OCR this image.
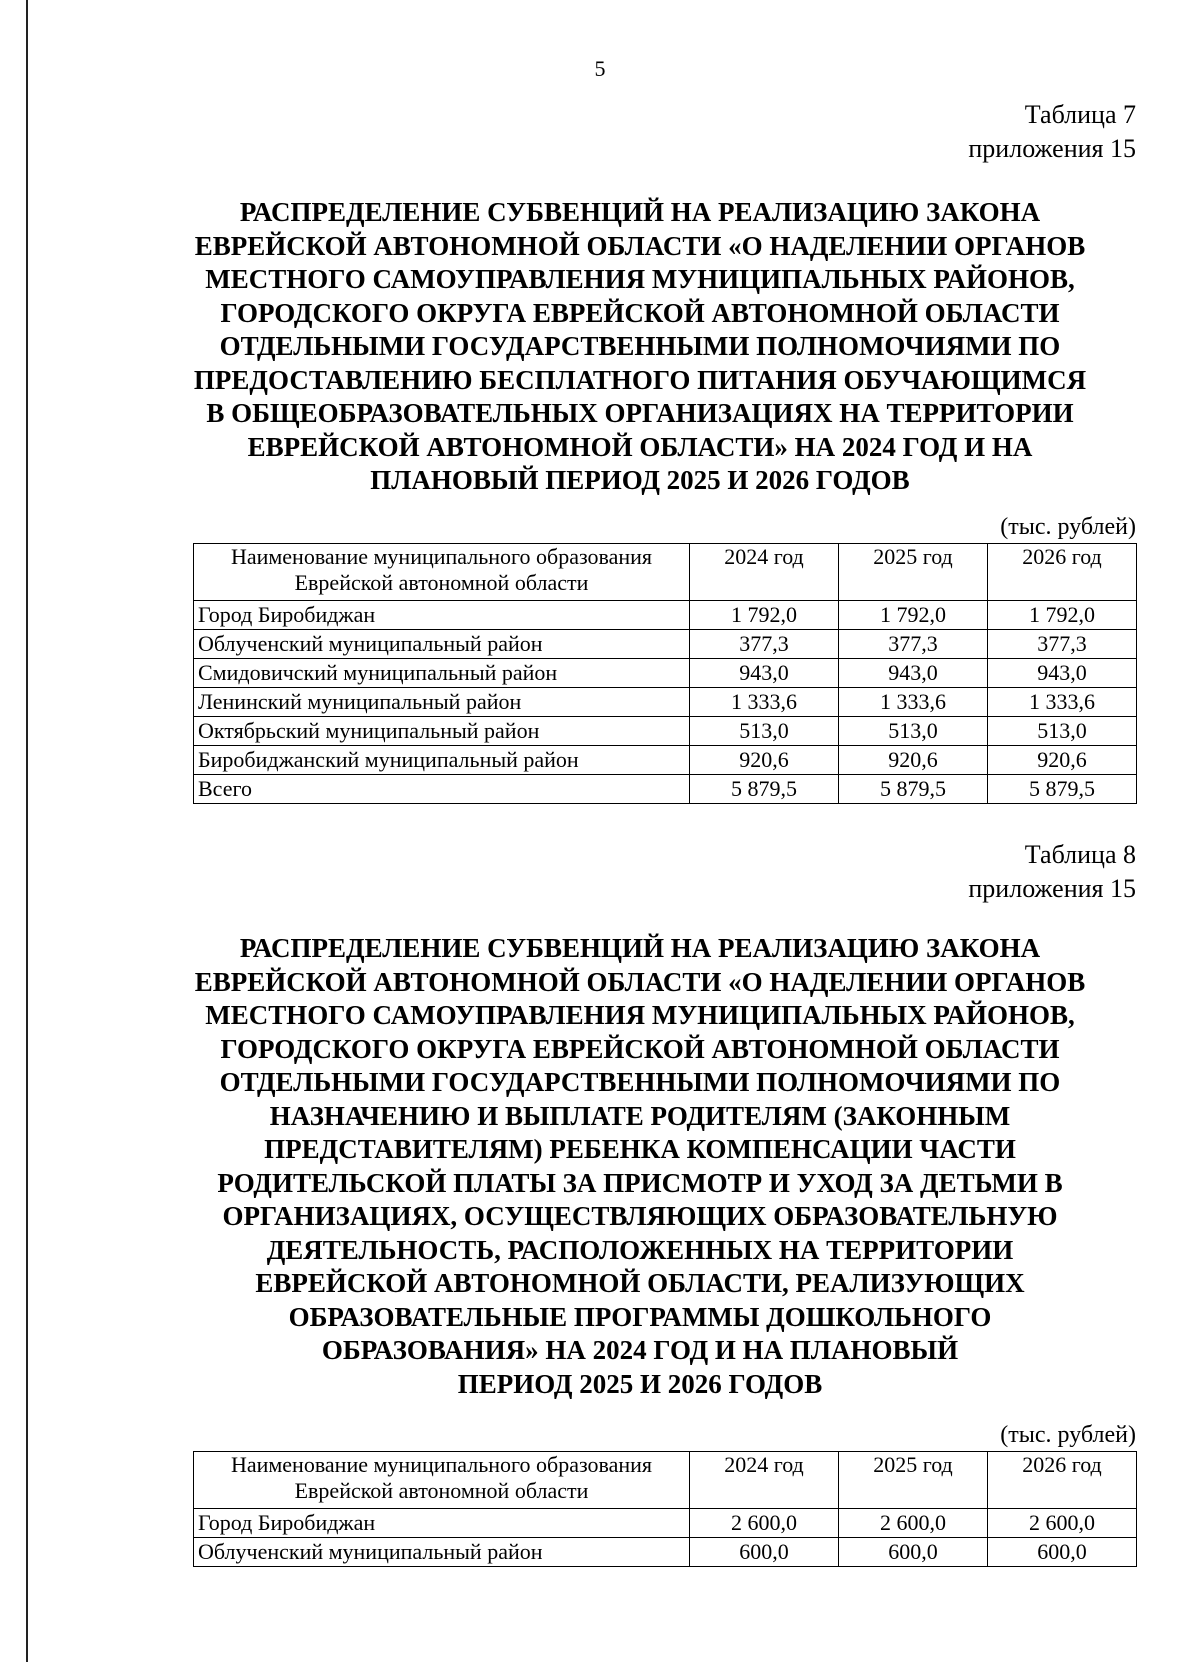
5
Таблица 7
приложения 15
РАСПРЕДЕЛЕНИЕ СУБВЕНЦИЙ НА РЕАЛИЗАЦИЮ ЗАКОНА
ЕВРЕЙСКОЙ АВТОНОМНОЙ ОБЛАСТИ «О НАДЕЛЕНИИ ОРГАНОВ
МЕСТНОГО САМОУПРАВЛЕНИЯ МУНИЦИПАЛЬНЫХ РАЙОНОВ,
ГОРОДСКОГО ОКРУГА ЕВРЕЙСКОЙ АВТОНОМНОЙ ОБЛАСТИ
ОТДЕЛЬНЫМИ ГОСУДАРСТВЕННЫМИ ПОЛНОМОЧИЯМИ ПО
ПРЕДОСТАВЛЕНИЮ БЕСПЛАТНОГО ПИТАНИЯ ОБУЧАЮЩИМСЯ
В ОБЩЕОБРАЗОВАТЕЛЬНЫХ ОРГАНИЗАЦИЯХ НА ТЕРРИТОРИИ
ЕВРЕЙСКОЙ АВТОНОМНОЙ ОБЛАСТИ» НА 2024 ГОД И НА
ПЛАНОВЫЙ ПЕРИОД 2025 И 2026 ГОДОВ
(тыс. рублей)
Наименование муниципального образования Еврейской автономной области	2024 год	2025 год	2026 год
Город Биробиджан	1 792,0	1 792,0	1 792,0
Облученский муниципальный район	377,3	377,3	377,3
Смидовичский муниципальный район	943,0	943,0	943,0
Ленинский муниципальный район	1 333,6	1 333,6	1 333,6
Октябрьский муниципальный район	513,0	513,0	513,0
Биробиджанский муниципальный район	920,6	920,6	920,6
Всего	5 879,5	5 879,5	5 879,5
Таблица 8
приложения 15
РАСПРЕДЕЛЕНИЕ СУБВЕНЦИЙ НА РЕАЛИЗАЦИЮ ЗАКОНА
ЕВРЕЙСКОЙ АВТОНОМНОЙ ОБЛАСТИ «О НАДЕЛЕНИИ ОРГАНОВ
МЕСТНОГО САМОУПРАВЛЕНИЯ МУНИЦИПАЛЬНЫХ РАЙОНОВ,
ГОРОДСКОГО ОКРУГА ЕВРЕЙСКОЙ АВТОНОМНОЙ ОБЛАСТИ
ОТДЕЛЬНЫМИ ГОСУДАРСТВЕННЫМИ ПОЛНОМОЧИЯМИ ПО
НАЗНАЧЕНИЮ И ВЫПЛАТЕ РОДИТЕЛЯМ (ЗАКОННЫМ
ПРЕДСТАВИТЕЛЯМ) РЕБЕНКА КОМПЕНСАЦИИ ЧАСТИ
РОДИТЕЛЬСКОЙ ПЛАТЫ ЗА ПРИСМОТР И УХОД ЗА ДЕТЬМИ В
ОРГАНИЗАЦИЯХ, ОСУЩЕСТВЛЯЮЩИХ ОБРАЗОВАТЕЛЬНУЮ
ДЕЯТЕЛЬНОСТЬ, РАСПОЛОЖЕННЫХ НА ТЕРРИТОРИИ
ЕВРЕЙСКОЙ АВТОНОМНОЙ ОБЛАСТИ, РЕАЛИЗУЮЩИХ
ОБРАЗОВАТЕЛЬНЫЕ ПРОГРАММЫ ДОШКОЛЬНОГО
ОБРАЗОВАНИЯ» НА 2024 ГОД И НА ПЛАНОВЫЙ
ПЕРИОД 2025 И 2026 ГОДОВ
(тыс. рублей)
Наименование муниципального образования Еврейской автономной области	2024 год	2025 год	2026 год
Город Биробиджан	2 600,0	2 600,0	2 600,0
Облученский муниципальный район	600,0	600,0	600,0
